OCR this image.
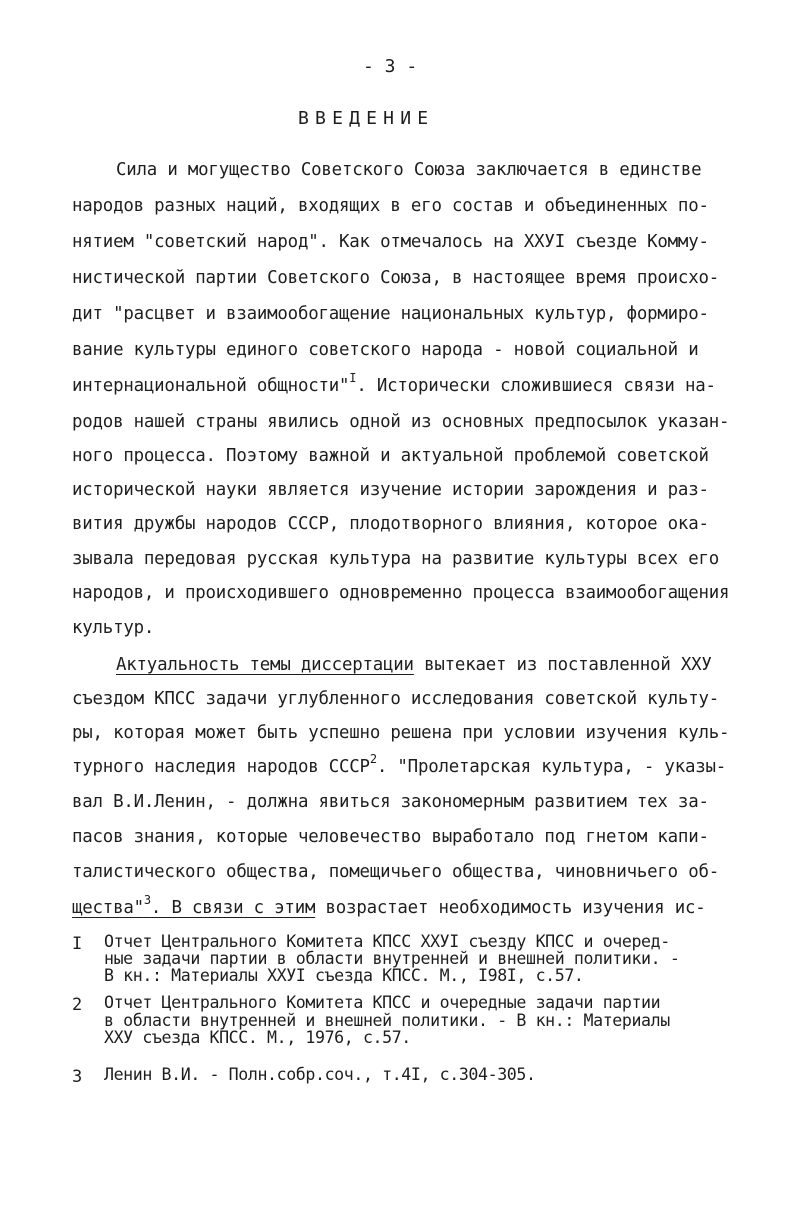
- 3 -
ВВЕДЕНИЕ
Сила и могущество Советского Союза заключается в единстве
народов разных наций, входящих в его состав и объединенных по-
нятием "советский народ". Как отмечалось на ХХУI съезде Комму-
нистической партии Советского Союза, в настоящее время происхо-
дит "расцвет и взаимообогащение национальных культур, формиро-
вание культуры единого советского народа - новой социальной и
интернациональной общности"$^I$. Исторически сложившиеся связи на-
родов нашей страны явились одной из основных предпосылок указан-
ного процесса. Поэтому важной и актуальной проблемой советской
исторической науки является изучение истории зарождения и раз-
вития дружбы народов СССР, плодотворного влияния, которое ока-
зывала передовая русская культура на развитие культуры всех его
народов, и происходившего одновременно процесса взаимообогащения
культур.
Актуальность темы диссертации вытекает из поставленной ХХУ
съездом КПСС задачи углубленного исследования советской культу-
ры, которая может быть успешно решена при условии изучения куль-
турного наследия народов СССР$^2$. "Пролетарская культура, - указы-
вал В.И.Ленин, - должна явиться закономерным развитием тех за-
пасов знания, которые человечество выработало под гнетом капи-
талистического общества, помещичьего общества, чиновничьего об-
щества"$^3$. В связи с этим возрастает необходимость изучения ис-
I Отчет Центрального Комитета КПСС ХХУI съезду КПСС и очеред-
ные задачи партии в области внутренней и внешней политики. -
В кн.: Материалы ХХУI съезда КПСС. М., I98I, с.57.
2 Отчет Центрального Комитета КПСС и очередные задачи партии
в области внутренней и внешней политики. - В кн.: Материалы
ХХУ съезда КПСС. М., 1976, с.57.
3 Ленин В.И. - Полн.собр.соч., т.4I, с.304-305.
